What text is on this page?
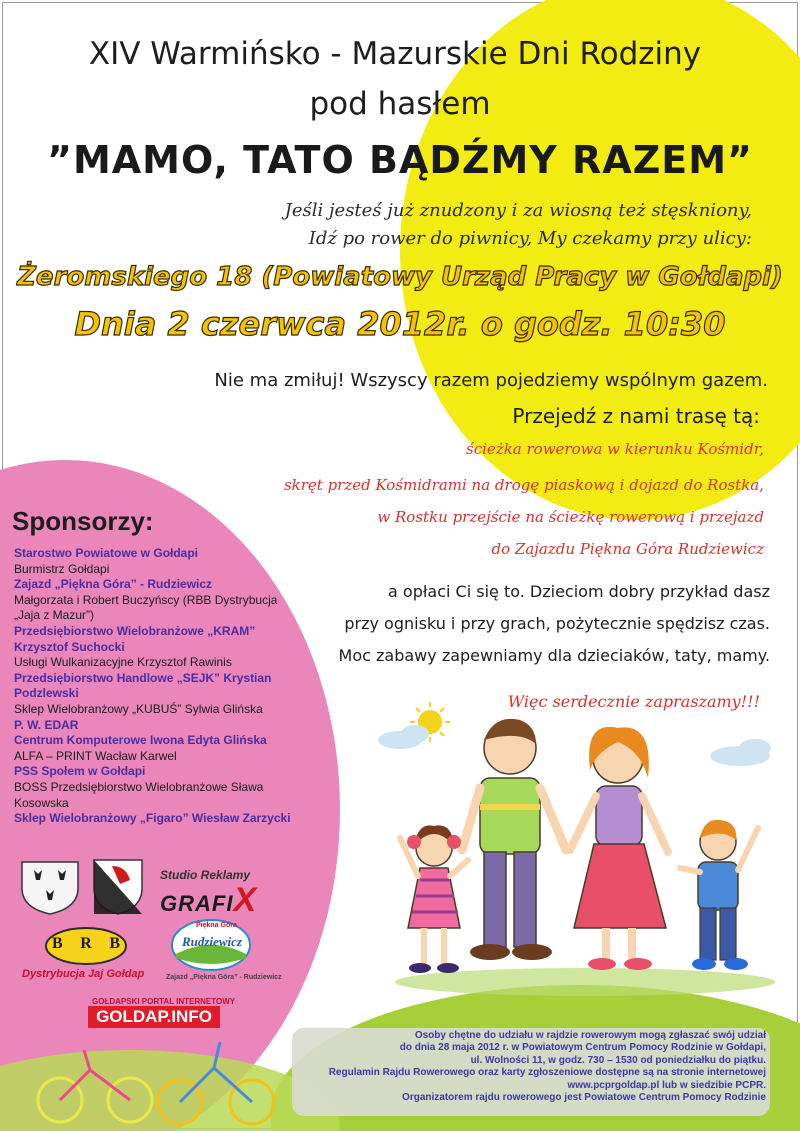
XIV Warmińsko - Mazurskie Dni Rodziny
pod hasłem
”MAMO, TATO BĄDŹMY RAZEM”
Jeśli jesteś już znudzony i za wiosną też stęskniony,
Idź po rower do piwnicy, My czekamy przy ulicy:
Żeromskiego 18 (Powiatowy Urząd Pracy w Gołdapi)
Dnia 2 czerwca 2012r. o godz. 10:30
Nie ma zmiłuj! Wszyscy razem pojedziemy wspólnym gazem.
Przejedź z nami trasę tą:
ścieżka rowerowa w kierunku Kośmidr,
skręt przed Kośmidrami na drogę piaskową i dojazd do Rostka,
w Rostku przejście na ścieżkę rowerową i przejazd
do Zajazdu Piękna Góra Rudziewicz
Sponsorzy:
Starostwo Powiatowe w Gołdapi
Burmistrz Gołdapi
Zajazd „Piękna Góra” - Rudziewicz
Małgorzata i Robert Buczyńscy (RBB Dystrybucja „Jaja z Mazur”)
Przedsiębiorstwo Wielobranżowe „KRAM” Krzysztof Suchocki
Usługi Wulkanizacyjne Krzysztof Rawinis
Przedsiębiorstwo Handlowe „SEJK” Krystian Podzlewski
Sklep Wielobranżowy „KUBUŚ” Sylwia Glińska
P. W. EDAR
Centrum Komputerowe Iwona Edyta Glińska
ALFA – PRINT Wacław Karwel
PSS Społem w Gołdapi
BOSS Przedsiębiorstwo Wielobranżowe Sława Kosowska
Sklep Wielobranżowy „Figaro” Wiesław Zarzycki
a opłaci Ci się to. Dzieciom dobry przykład dasz
przy ognisku i przy grach, pożytecznie spędzisz czas.
Moc zabawy zapewniamy dla dzieciaków, taty, mamy.
Więc serdecznie zapraszamy!!!
Studio Reklamy
GRAFIX
B R B
Dystrybucja Jaj Gołdap
Piękna Góra
Rudziewicz
Zajazd „Piękna Góra” - Rudziewicz
GOŁDAPSKI PORTAL INTERNETOWY
GOLDAP.INFO
Osoby chętne do udziału w rajdzie rowerowym mogą zgłaszać swój udział
do dnia 28 maja 2012 r. w Powiatowym Centrum Pomocy Rodzinie w Gołdapi,
ul. Wolności 11, w godz. 730 – 1530 od poniedziałku do piątku.
Regulamin Rajdu Rowerowego oraz karty zgłoszeniowe dostępne są na stronie internetowej
www.pcprgoldap.pl lub w siedzibie PCPR.
Organizatorem rajdu rowerowego jest Powiatowe Centrum Pomocy Rodzinie
